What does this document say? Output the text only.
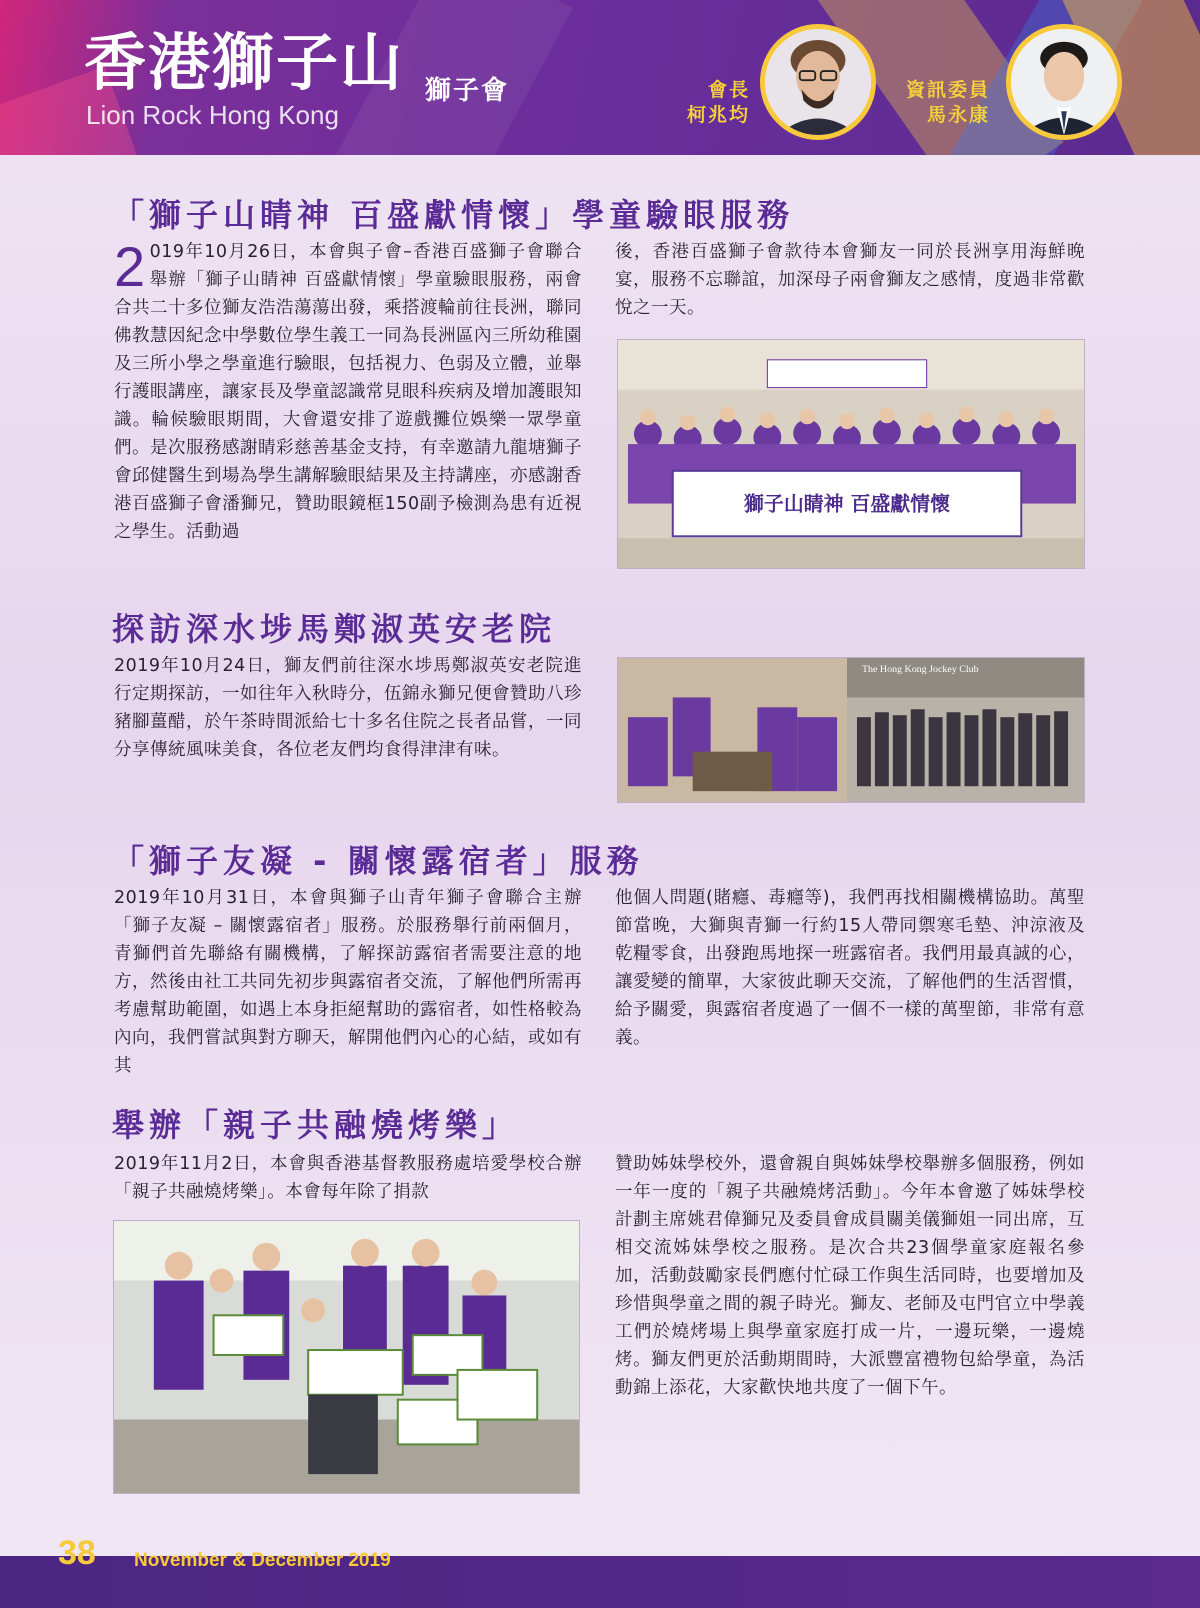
香港獅子山 獅子會
Lion Rock Hong Kong
會長
柯兆均
資訊委員
馬永康
「獅子山睛神 百盛獻情懷」學童驗眼服務
2 019年10月26日，本會與子會–香港百盛獅子會聯合舉辦「獅子山睛神 百盛獻情懷」學童驗眼服務，兩會合共二十多位獅友浩浩蕩蕩出發，乘搭渡輪前往長洲，聯同佛教慧因紀念中學數位學生義工一同為長洲區內三所幼稚園及三所小學之學童進行驗眼，包括視力、色弱及立體，並舉行護眼講座，讓家長及學童認識常見眼科疾病及增加護眼知識。輪候驗眼期間，大會還安排了遊戲攤位娛樂一眾學童們。是次服務感謝睛彩慈善基金支持，有幸邀請九龍塘獅子會邱健醫生到場為學生講解驗眼結果及主持講座，亦感謝香港百盛獅子會潘獅兄，贊助眼鏡框150副予檢測為患有近視之學生。活動過
後，香港百盛獅子會款待本會獅友一同於長洲享用海鮮晚宴，服務不忘聯誼，加深母子兩會獅友之感情，度過非常歡悅之一天。
獅子山睛神 百盛獻情懷
探訪深水埗馬鄭淑英安老院
2019年10月24日，獅友們前往深水埗馬鄭淑英安老院進行定期探訪，一如往年入秋時分，伍錦永獅兄便會贊助八珍豬腳薑醋，於午茶時間派給七十多名住院之長者品嘗，一同分享傳統風味美食，各位老友們均食得津津有味。
The Hong Kong Jockey Club
「獅子友凝 - 關懷露宿者」服務
2019年10月31日，本會與獅子山青年獅子會聯合主辦「獅子友凝 – 關懷露宿者」服務。於服務舉行前兩個月，青獅們首先聯絡有關機構，了解探訪露宿者需要注意的地方，然後由社工共同先初步與露宿者交流，了解他們所需再考慮幫助範圍，如遇上本身拒絕幫助的露宿者，如性格較為內向，我們嘗試與對方聊天，解開他們內心的心結，或如有其
他個人問題(賭癮、毒癮等)，我們再找相關機構協助。萬聖節當晚，大獅與青獅一行約15人帶同禦寒毛墊、沖涼液及乾糧零食，出發跑馬地探一班露宿者。我們用最真誠的心，讓愛變的簡單，大家彼此聊天交流，了解他們的生活習慣，給予關愛，與露宿者度過了一個不一樣的萬聖節，非常有意義。
舉辦「親子共融燒烤樂」
2019年11月2日，本會與香港基督教服務處培愛學校合辦「親子共融燒烤樂」。本會每年除了捐款
贊助姊妹學校外，還會親自與姊妹學校舉辦多個服務，例如一年一度的「親子共融燒烤活動」。今年本會邀了姊妹學校計劃主席姚君偉獅兄及委員會成員關美儀獅姐一同出席，互相交流姊妹學校之服務。是次合共23個學童家庭報名參加，活動鼓勵家長們應付忙碌工作與生活同時，也要增加及珍惜與學童之間的親子時光。獅友、老師及屯門官立中學義工們於燒烤場上與學童家庭打成一片，一邊玩樂，一邊燒烤。獅友們更於活動期間時，大派豐富禮物包給學童，為活動錦上添花，大家歡快地共度了一個下午。
38 November & December 2019
